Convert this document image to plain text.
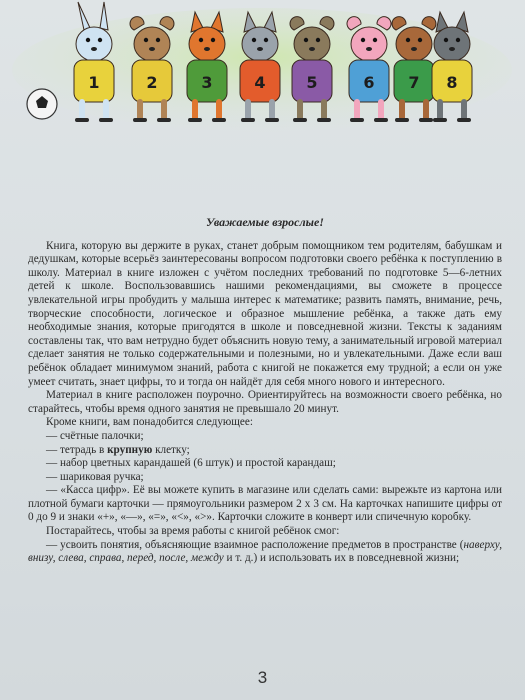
1	2	3	4	5	6 7 8
Уважаемые взрослые!

Книга, которую вы держите в руках, станет добрым помощником тем родителям, бабушкам и дедушкам, которые всерьёз заинтересованы вопросом подготовки своего ребёнка к поступлению в школу. Материал в книге изложен с учётом последних требований по подготовке 5—6-летних детей к школе. Воспользовавшись нашими рекомендациями, вы сможете в процессе увлекательной игры пробудить у малыша интерес к математике; развить память, внимание, речь, творческие способности, логическое и образное мышление ребёнка, а также дать ему необходимые знания, которые пригодятся в школе и повседневной жизни. Тексты к заданиям составлены так, что вам нетрудно будет объяснить новую тему, а занимательный игровой материал сделает занятия не только содержательными и полезными, но и увлекательными. Даже если ваш ребёнок обладает минимумом знаний, работа с книгой не покажется ему трудной; а если он уже умеет считать, знает цифры, то и тогда он найдёт для себя много нового и интересного.

Материал в книге расположен поурочно. Ориентируйтесь на возможности своего ребёнка, но старайтесь, чтобы время одного занятия не превышало 20 минут.

Кроме книги, вам понадобится следующее:

— счётные палочки;
— тетрадь в крупную клетку;
— набор цветных карандашей (6 штук) и простой карандаш;
— шариковая ручка;

— «Касса цифр». Её вы можете купить в магазине или сделать сами: вырежьте из картона или плотной бумаги карточки — прямоугольники размером 2 х 3 см. На карточках напишите цифры от 0 до 9 и знаки «+», «—», «=», «<», «>». Карточки сложите в конверт или спичечную коробку.

Постарайтесь, чтобы за время работы с книгой ребёнок смог:

— усвоить понятия, объясняющие взаимное расположение предметов в пространстве (наверху, внизу, слева, справа, перед, после, между и т. д.) и использовать их в повседневной жизни;

3
